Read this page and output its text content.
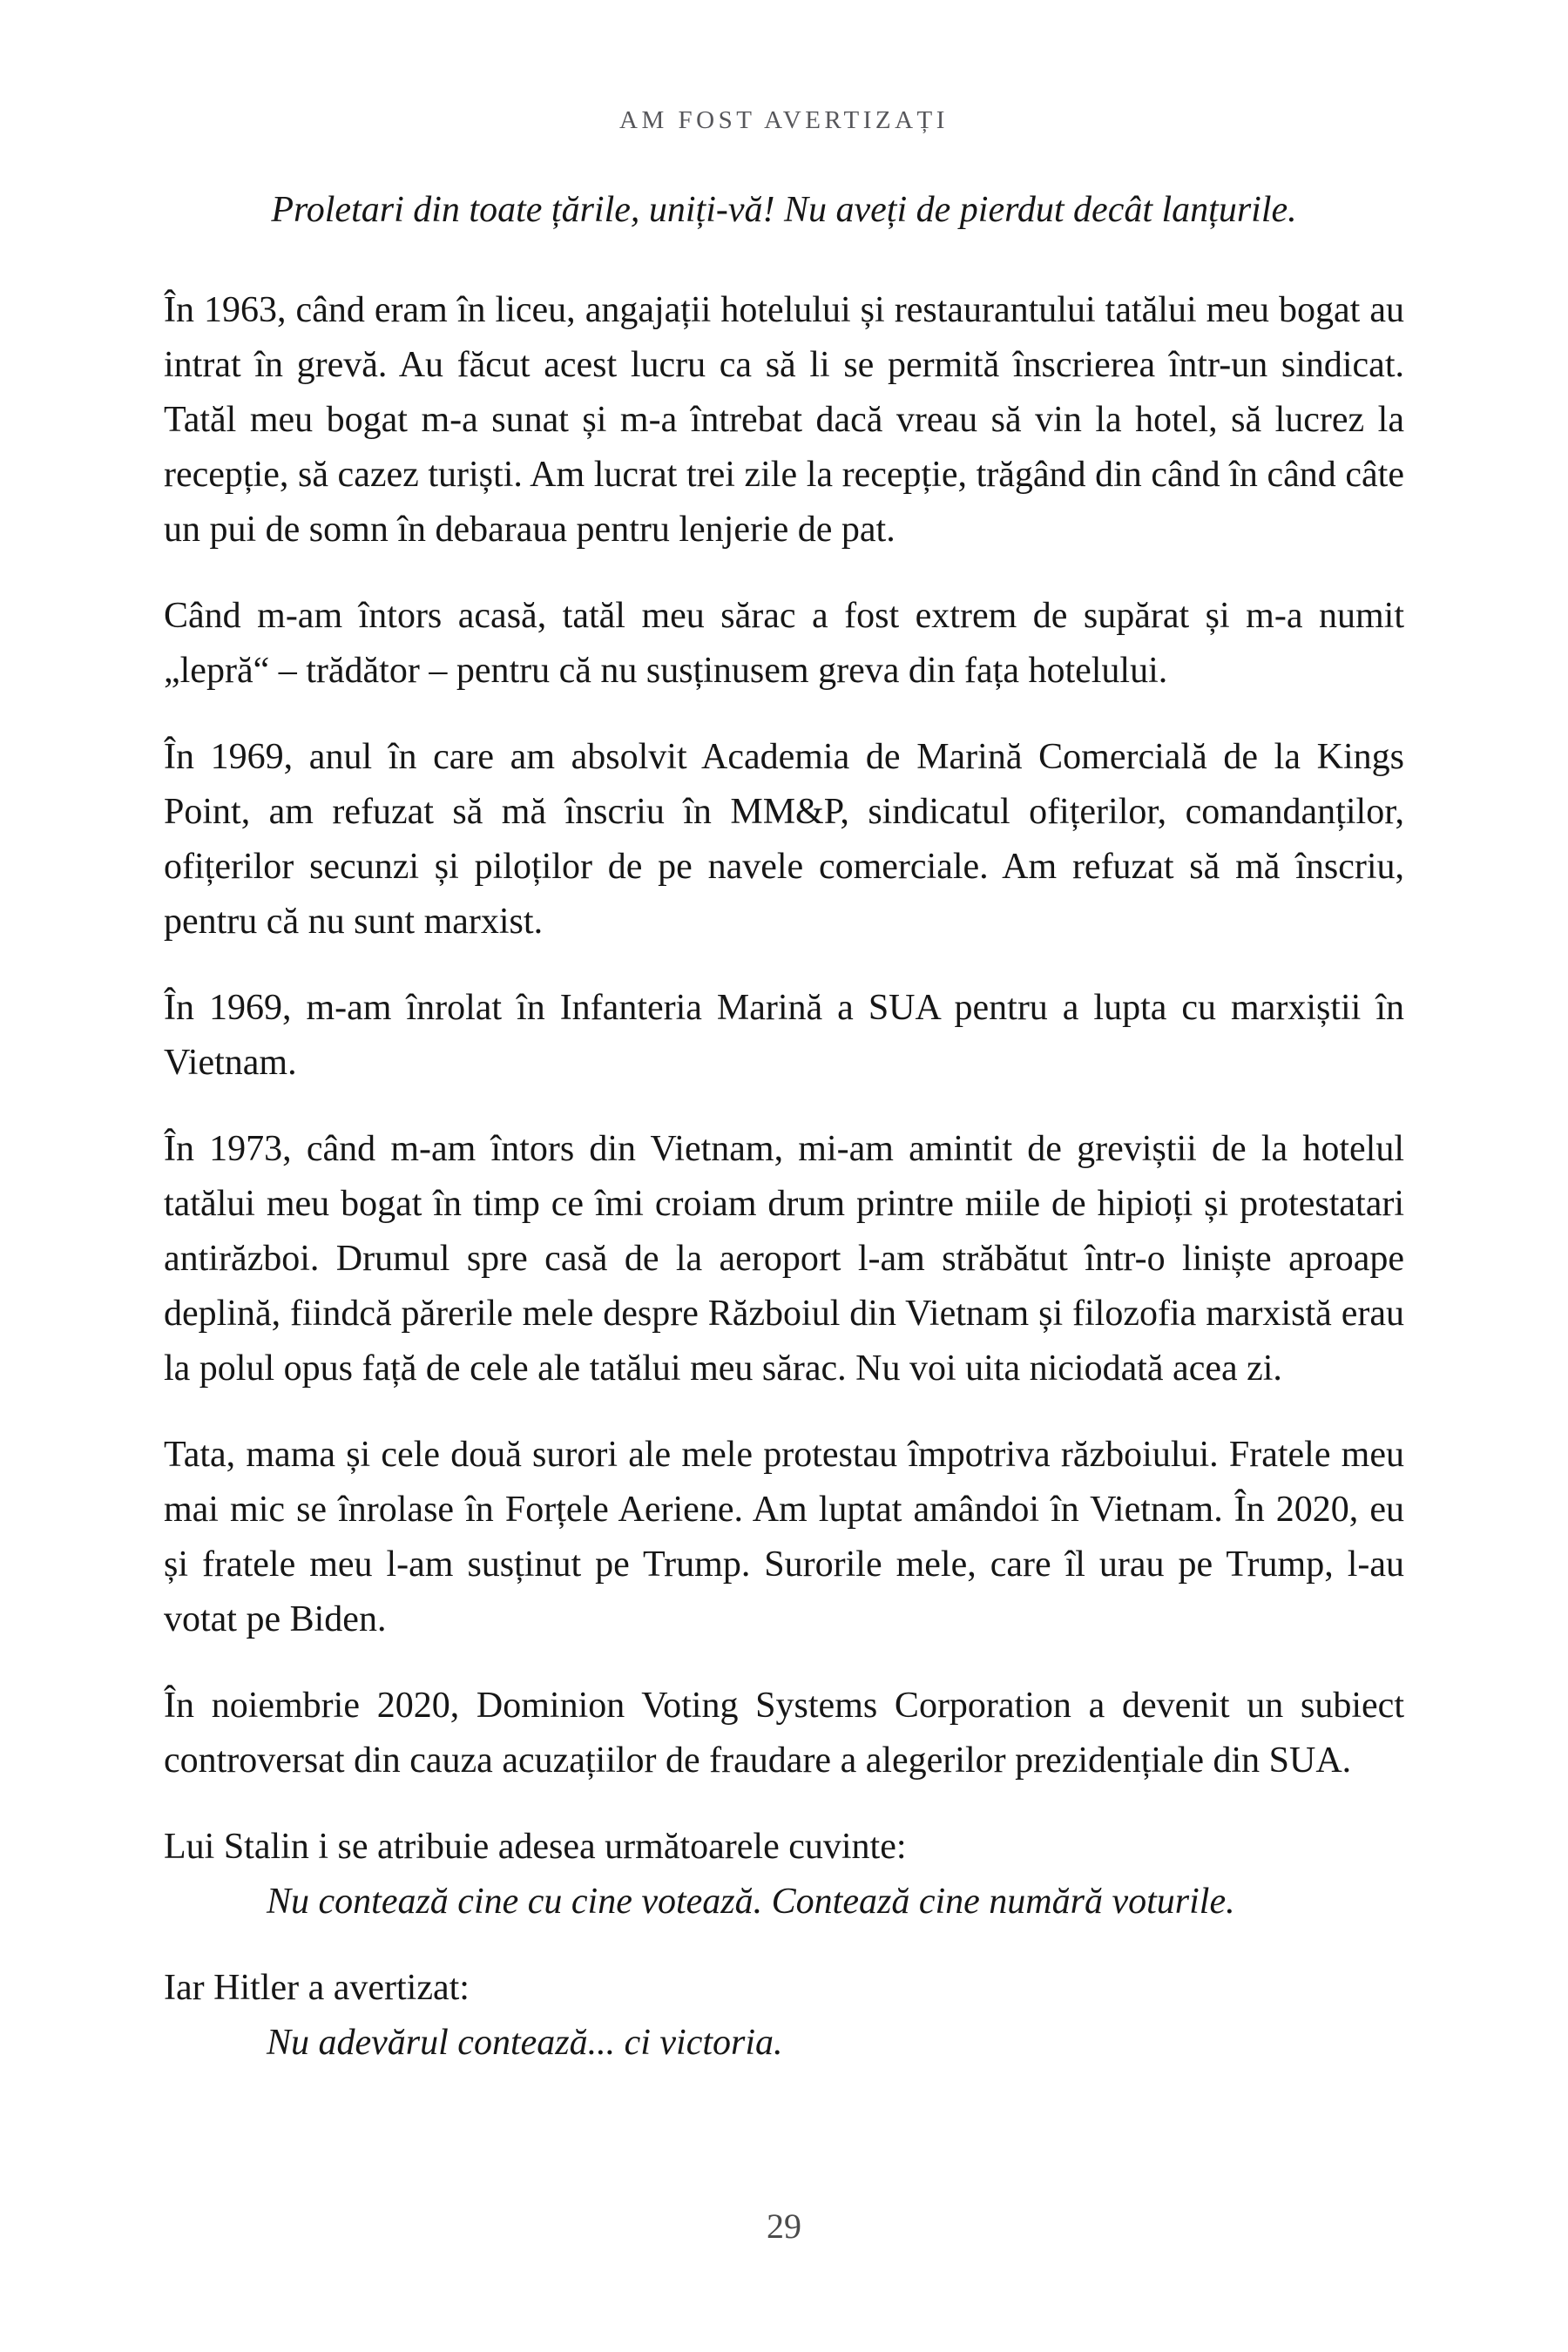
AM FOST AVERTIZAȚI

Proletari din toate țările, uniți-vă! Nu aveți de pierdut decât lanțurile.

În 1963, când eram în liceu, angajații hotelului și restaurantului tatălui meu bogat au intrat în grevă. Au făcut acest lucru ca să li se permită înscrierea într-un sindicat. Tatăl meu bogat m-a sunat și m-a întrebat dacă vreau să vin la hotel, să lucrez la recepție, să cazez turiști. Am lucrat trei zile la recepție, trăgând din când în când câte un pui de somn în debaraua pentru lenjerie de pat.

Când m-am întors acasă, tatăl meu sărac a fost extrem de supărat și m-a numit „lepră“ – trădător – pentru că nu susținusem greva din fața hotelului.

În 1969, anul în care am absolvit Academia de Marină Comercială de la Kings Point, am refuzat să mă înscriu în MM&P, sindicatul ofițerilor, comandanților, ofițerilor secunzi și piloților de pe navele comerciale. Am refuzat să mă înscriu, pentru că nu sunt marxist.

În 1969, m-am înrolat în Infanteria Marină a SUA pentru a lupta cu marxiștii în Vietnam.

În 1973, când m-am întors din Vietnam, mi-am amintit de greviștii de la hotelul tatălui meu bogat în timp ce îmi croiam drum printre miile de hipioți și protestatari antirăzboi. Drumul spre casă de la aeroport l-am străbătut într-o liniște aproape deplină, fiindcă părerile mele despre Războiul din Vietnam și filozofia marxistă erau la polul opus față de cele ale tatălui meu sărac. Nu voi uita niciodată acea zi.

Tata, mama și cele două surori ale mele protestau împotriva războiului. Fratele meu mai mic se înrolase în Forțele Aeriene. Am luptat amândoi în Vietnam. În 2020, eu și fratele meu l-am susținut pe Trump. Surorile mele, care îl urau pe Trump, l-au votat pe Biden.

În noiembrie 2020, Dominion Voting Systems Corporation a devenit un subiect controversat din cauza acuzațiilor de fraudare a alegerilor prezidențiale din SUA.

Lui Stalin i se atribuie adesea următoarele cuvinte:

Nu contează cine cu cine votează. Contează cine numără voturile.

Iar Hitler a avertizat:

Nu adevărul contează... ci victoria.

29
